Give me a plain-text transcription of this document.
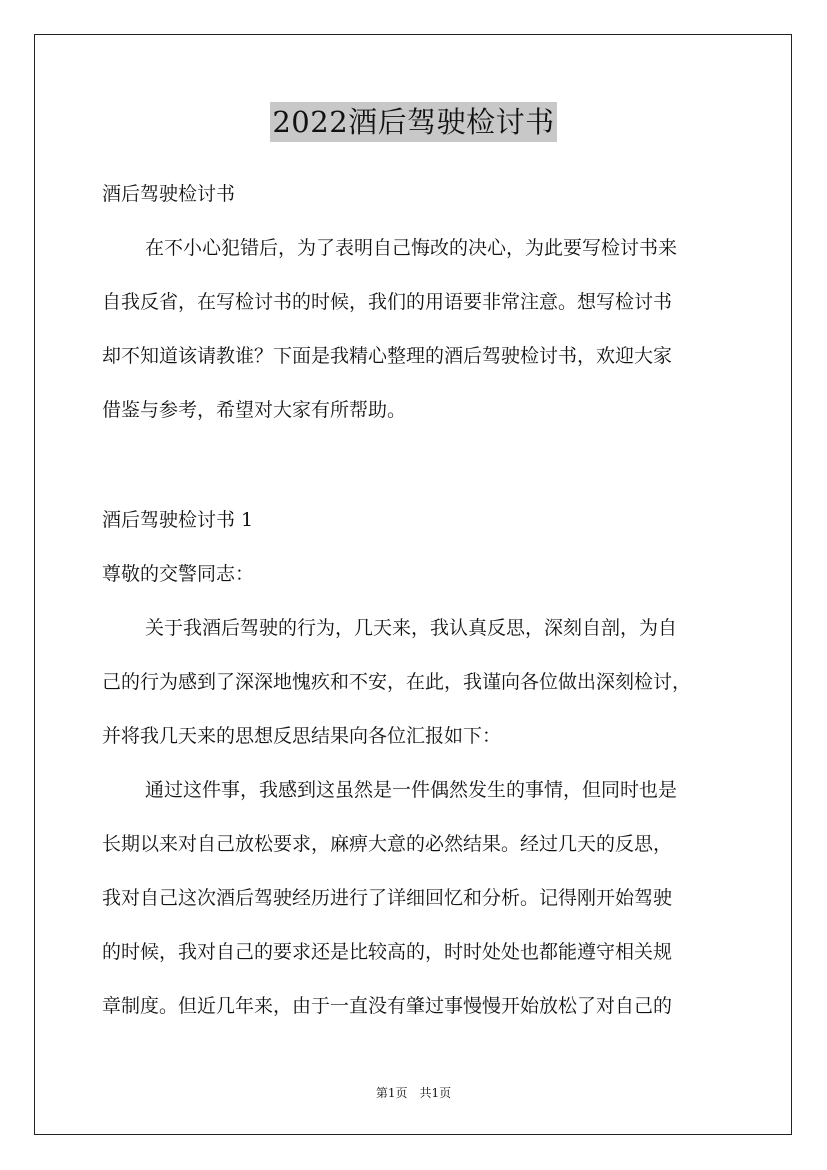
2022酒后驾驶检讨书
酒后驾驶检讨书
在不小心犯错后，为了表明自己悔改的决心，为此要写检讨书来
自我反省，在写检讨书的时候，我们的用语要非常注意。想写检讨书
却不知道该请教谁？下面是我精心整理的酒后驾驶检讨书，欢迎大家
借鉴与参考，希望对大家有所帮助。
酒后驾驶检讨书 1
尊敬的交警同志：
关于我酒后驾驶的行为，几天来，我认真反思，深刻自剖，为自
己的行为感到了深深地愧疚和不安，在此，我谨向各位做出深刻检讨，
并将我几天来的思想反思结果向各位汇报如下：
通过这件事，我感到这虽然是一件偶然发生的事情，但同时也是
长期以来对自己放松要求，麻痹大意的必然结果。经过几天的反思，
我对自己这次酒后驾驶经历进行了详细回忆和分析。记得刚开始驾驶
的时候，我对自己的要求还是比较高的，时时处处也都能遵守相关规
章制度。但近几年来，由于一直没有肇过事慢慢开始放松了对自己的
第1页　共1页
